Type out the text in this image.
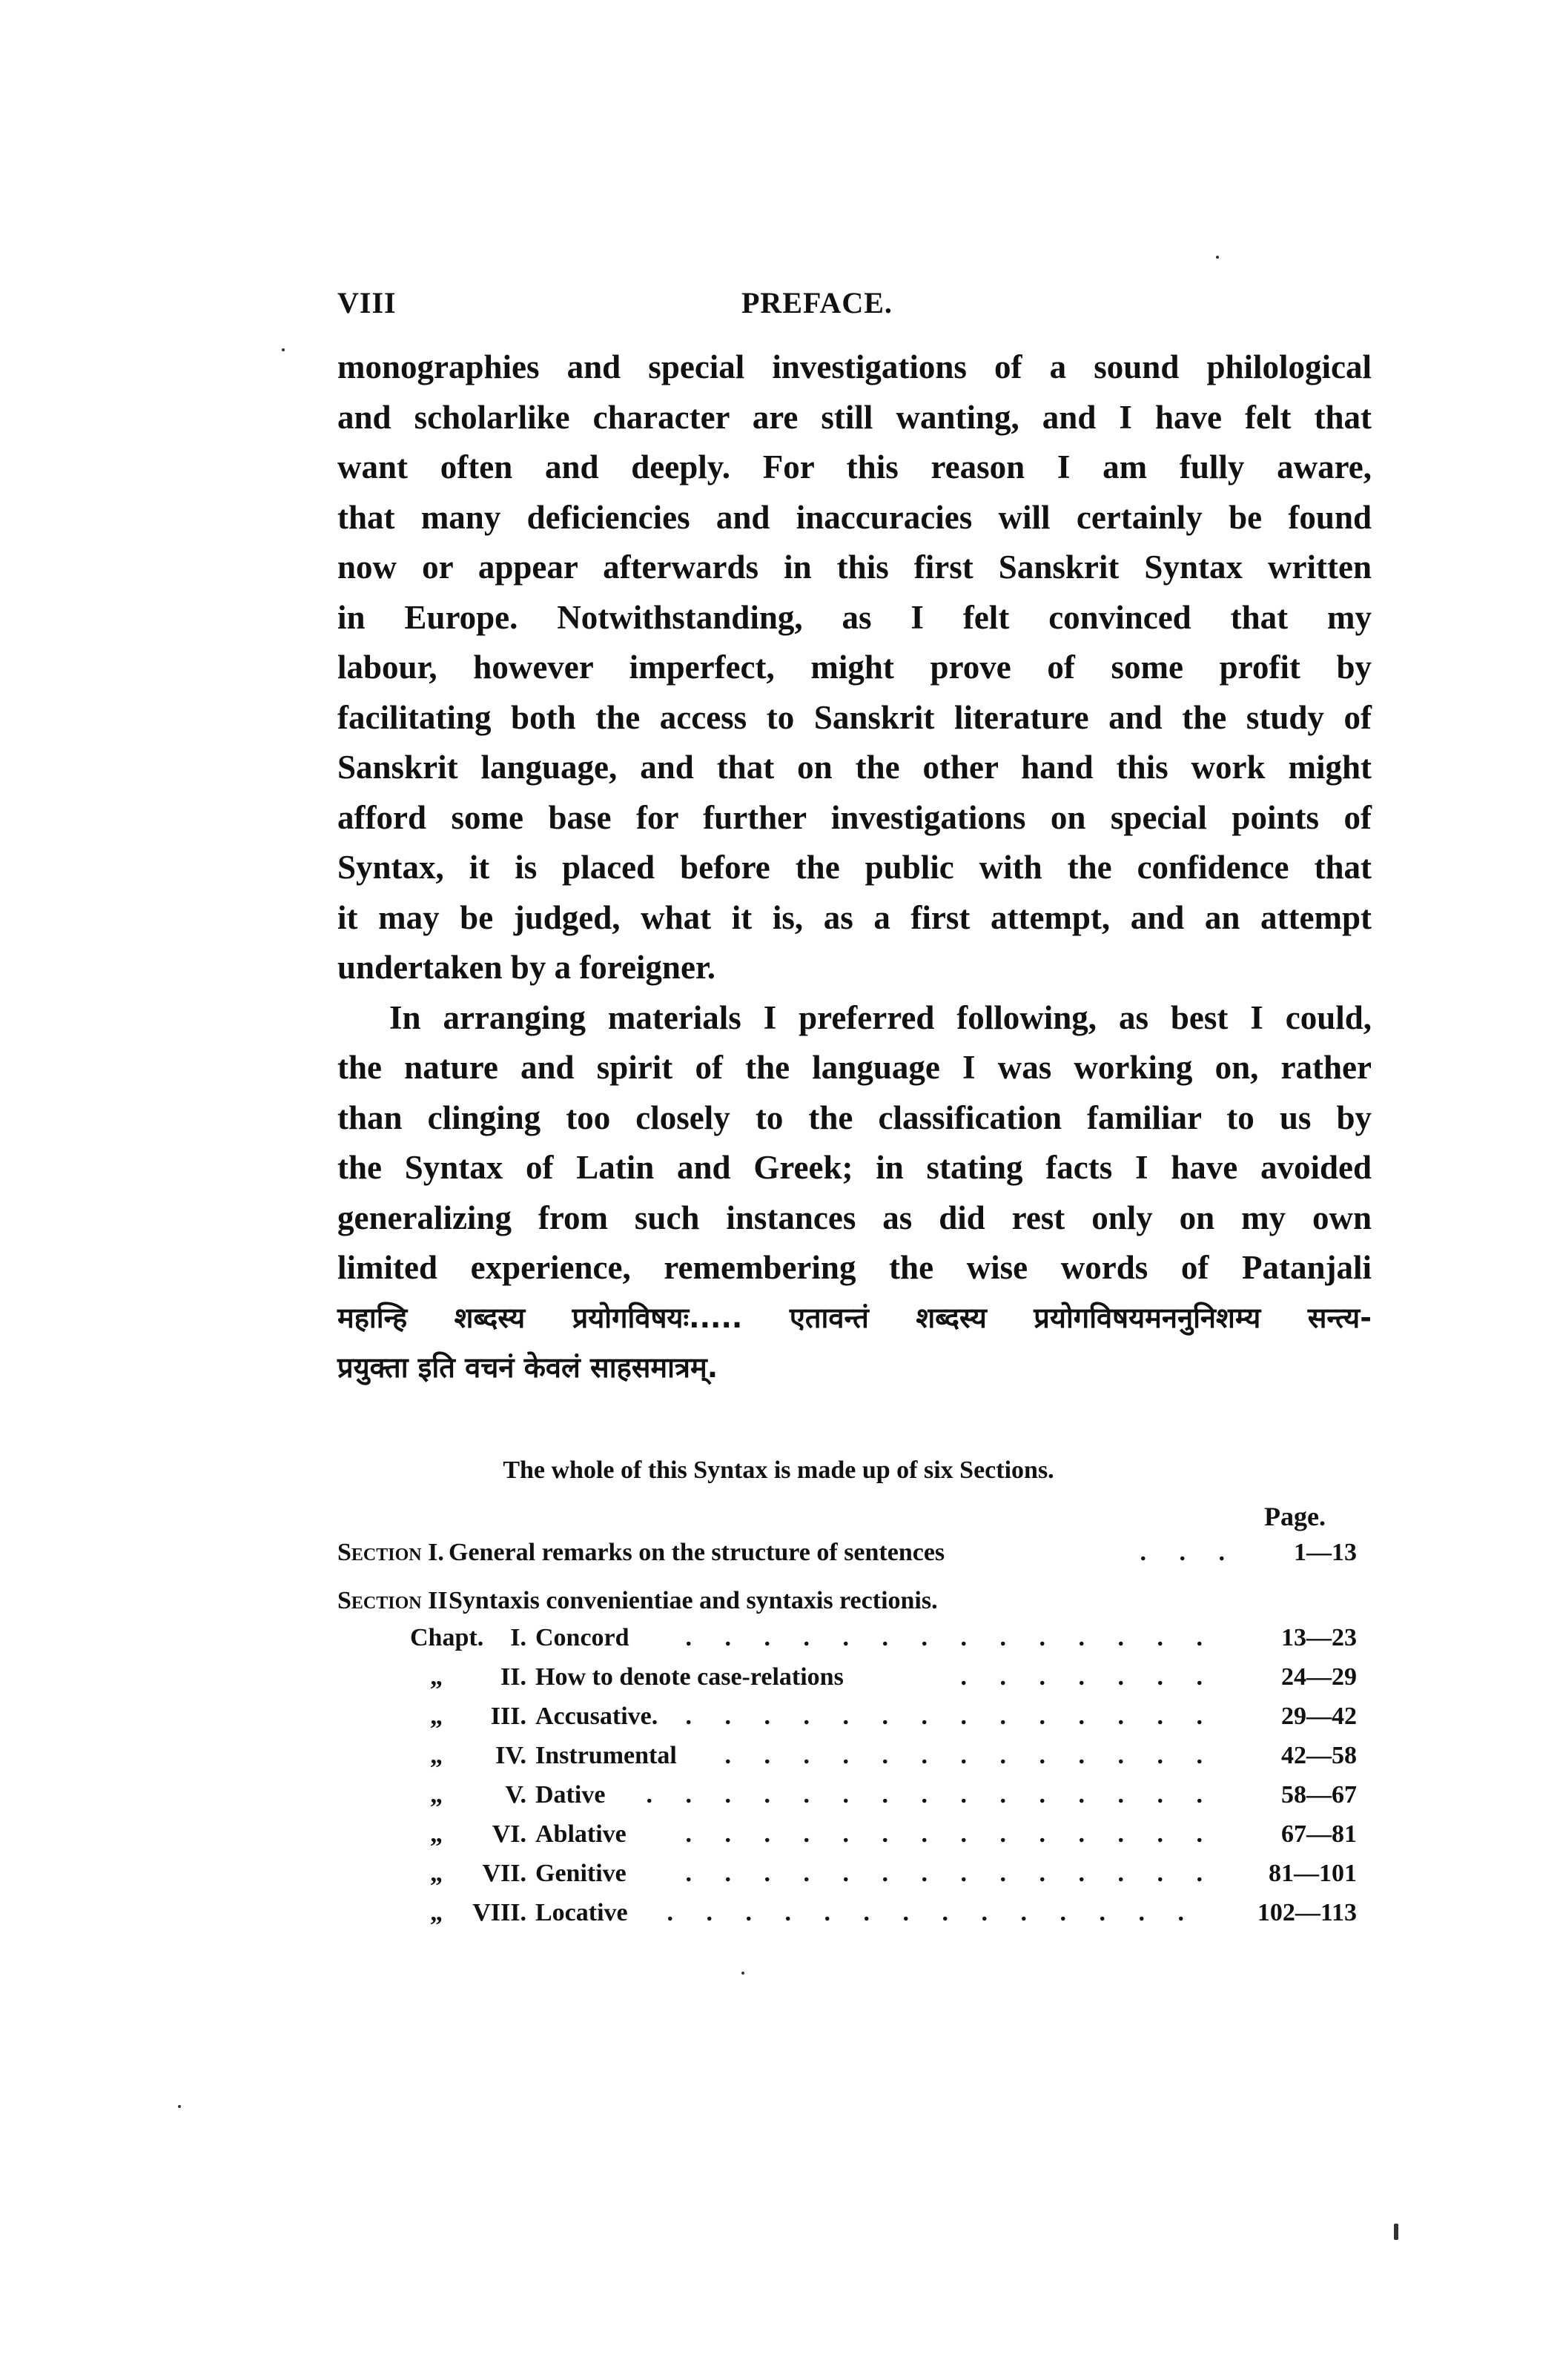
VIII	PREFACE.
monographies and special investigations of a sound philological
and scholarlike character are still wanting, and I have felt that
want often and deeply. For this reason I am fully aware,
that many deficiencies and inaccuracies will certainly be found
now or appear afterwards in this first Sanskrit Syntax written
in Europe. Notwithstanding, as I felt convinced that my
labour, however imperfect, might prove of some profit by
facilitating both the access to Sanskrit literature and the study of
Sanskrit language, and that on the other hand this work might
afford some base for further investigations on special points of
Syntax, it is placed before the public with the confidence that
it may be judged, what it is, as a first attempt, and an attempt
undertaken by a foreigner.
In arranging materials I preferred following, as best I could,
the nature and spirit of the language I was working on, rather
than clinging too closely to the classification familiar to us by
the Syntax of Latin and Greek; in stating facts I have avoided
generalizing from such instances as did rest only on my own
limited experience, remembering the wise words of Patanjali
महान्हि शब्दस्य प्रयोगविषयः..... एतावन्तं शब्दस्य प्रयोगविषयमननुनिशम्य सन्त्य-
प्रयुक्ता इति वचनं केवलं साहसमात्रम्.
The whole of this Syntax is made up of six Sections.
Page.
Section I. General remarks on the structure of sentences	. . . 1—13
Section II Syntaxis convenientiae and syntaxis rectionis.
Chapt.	I. Concord . . . . . . . . . . . . . .	13—23
„	II. How to denote case-relations	. . . . . . .	24—29
„	III. Accusative. . . . . . . . . . . . . . .	29—42
„	IV. Instrumental . . . . . . . . . . . . .	42—58
„	V. Dative . . . . . . . . . . . . . . .	58—67
„	VI. Ablative . . . . . . . . . . . . . .	67—81
„	VII. Genitive . . . . . . . . . . . . . . 81—101
„	VIII. Locative . . . . . . . . . . . . . . 102—113
